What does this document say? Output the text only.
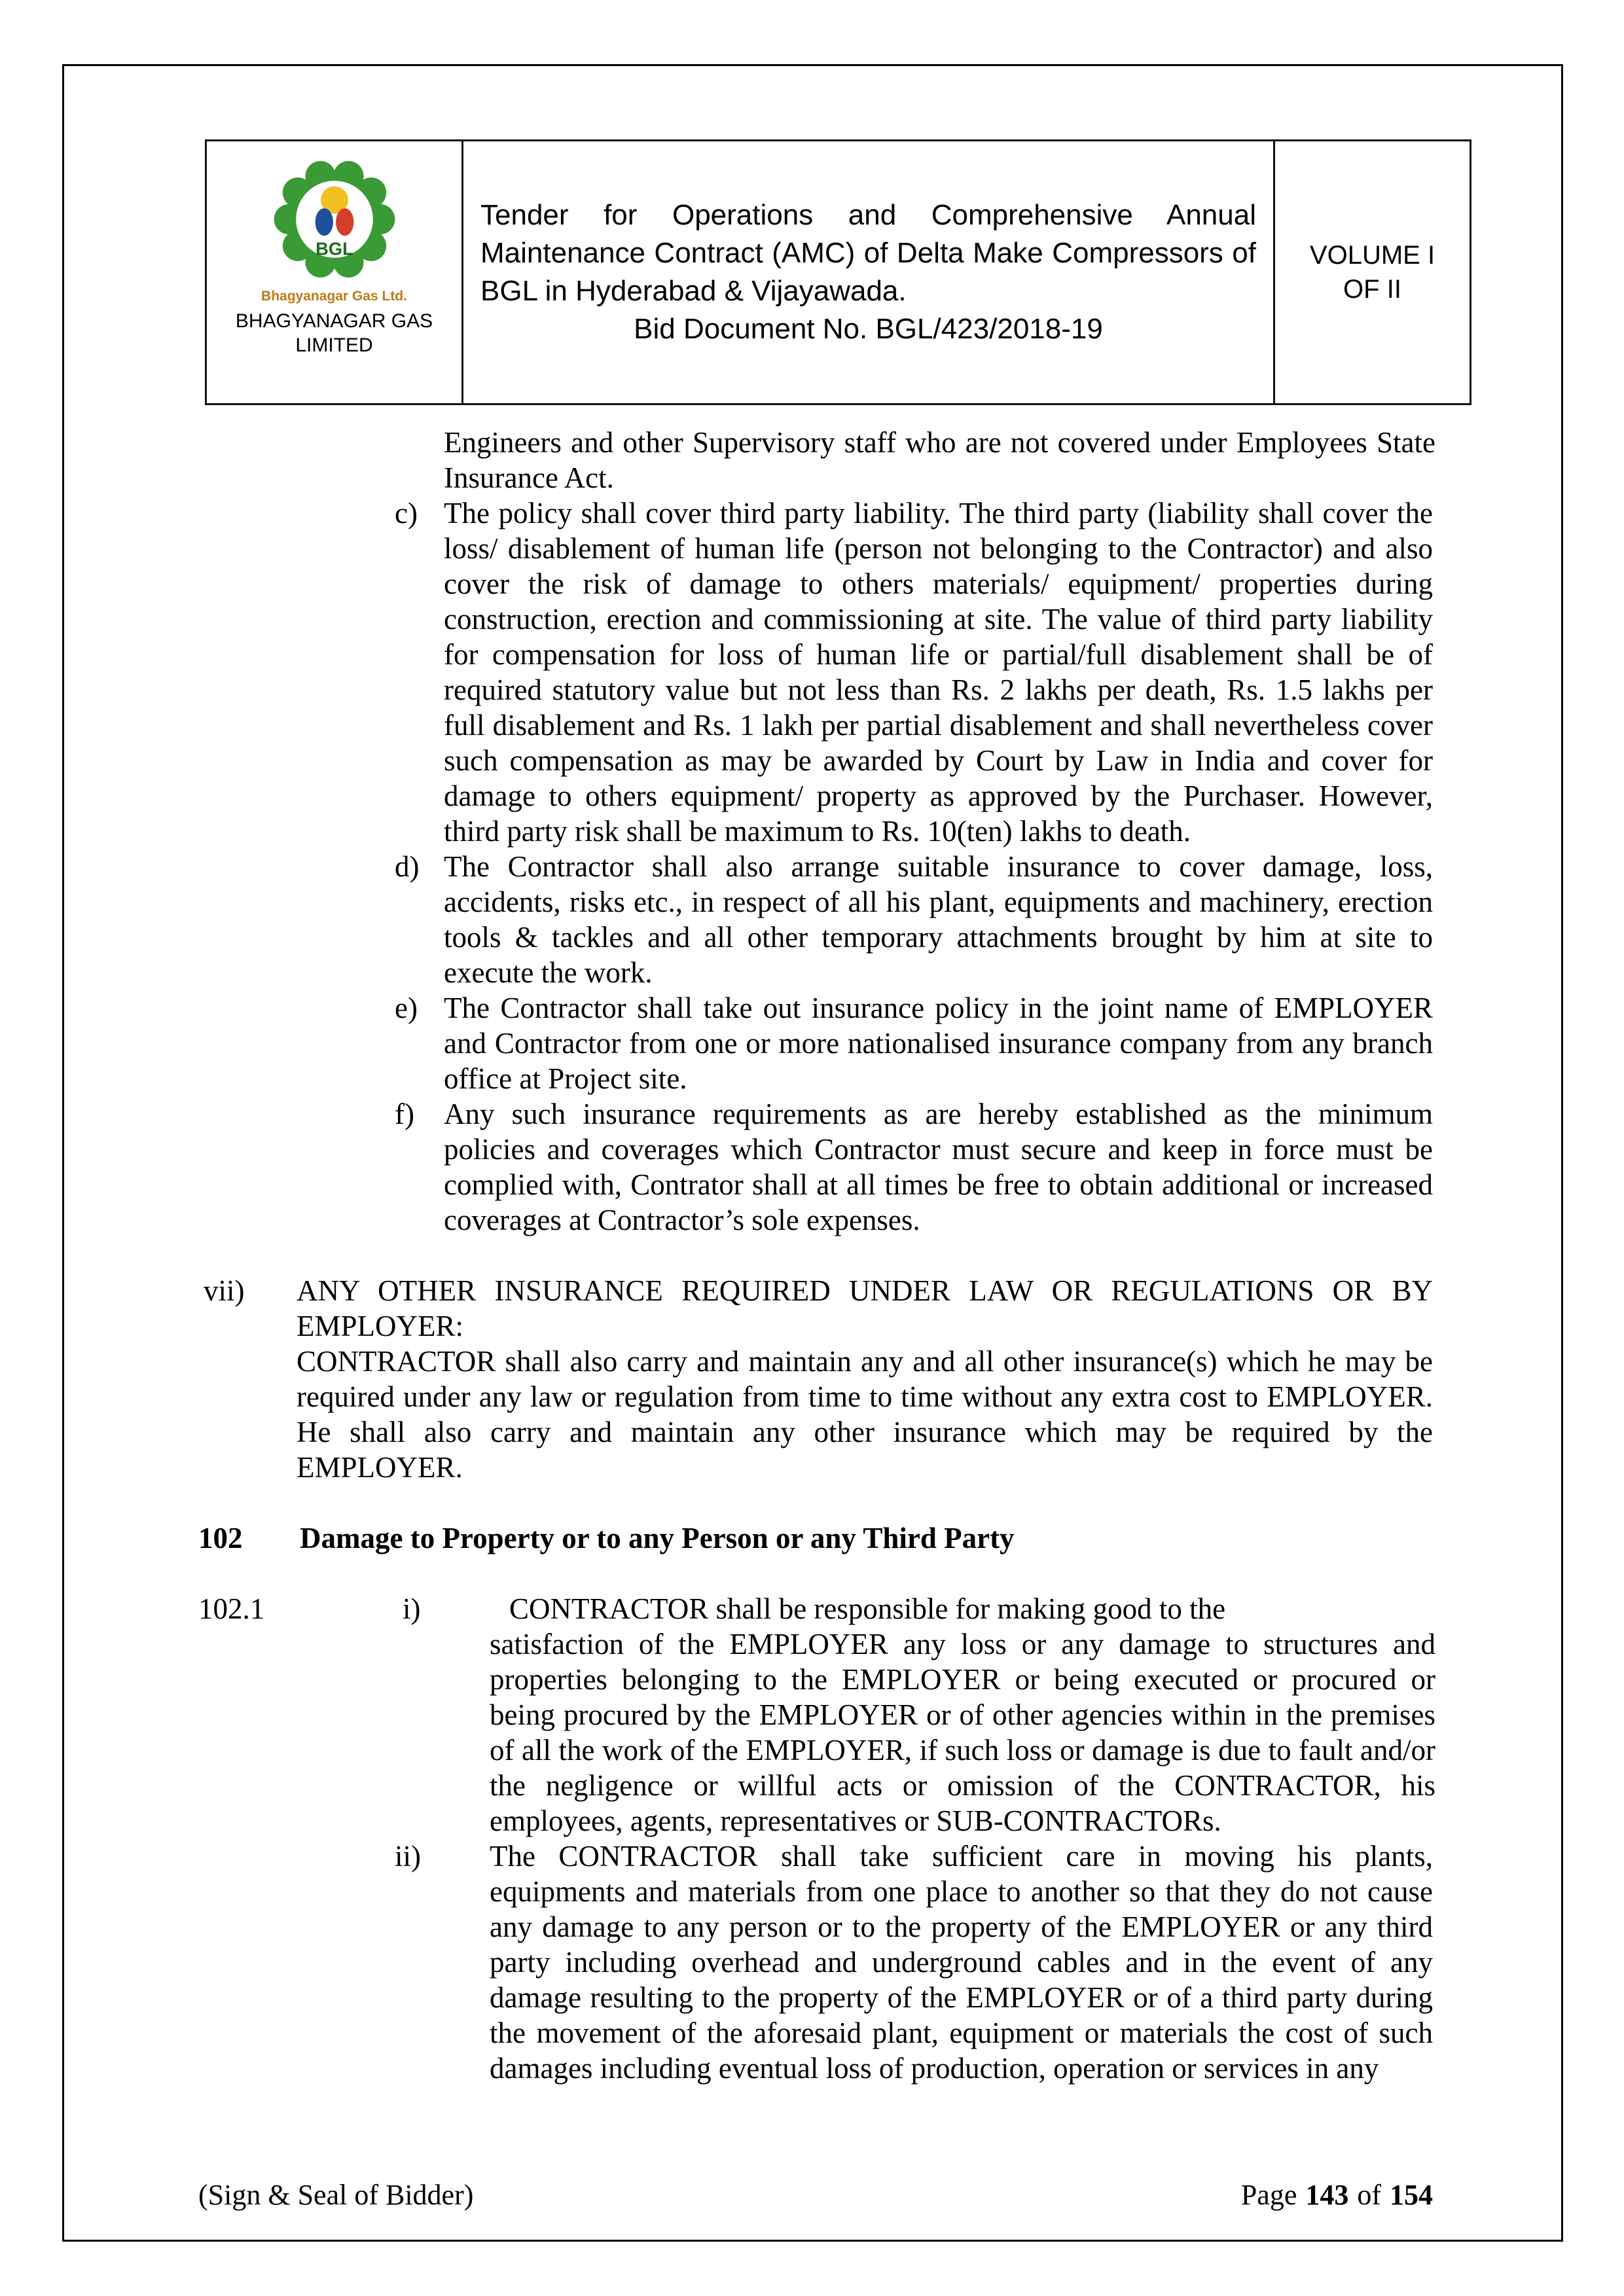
BGL
Bhagyanagar Gas Ltd.
BHAGYANAGAR GAS LIMITED
Tender for Operations and Comprehensive Annual Maintenance Contract (AMC) of Delta Make Compressors of BGL in Hyderabad & Vijayawada.
Bid Document No. BGL/423/2018-19
VOLUME I
OF II

Engineers and other Supervisory staff who are not covered under Employees State Insurance Act.

c) The policy shall cover third party liability. The third party (liability shall cover the loss/ disablement of human life (person not belonging to the Contractor) and also cover the risk of damage to others materials/ equipment/ properties during construction, erection and commissioning at site. The value of third party liability for compensation for loss of human life or partial/full disablement shall be of required statutory value but not less than Rs. 2 lakhs per death, Rs. 1.5 lakhs per full disablement and Rs. 1 lakh per partial disablement and shall nevertheless cover such compensation as may be awarded by Court by Law in India and cover for damage to others equipment/ property as approved by the Purchaser. However, third party risk shall be maximum to Rs. 10(ten) lakhs to death.
d) The Contractor shall also arrange suitable insurance to cover damage, loss, accidents, risks etc., in respect of all his plant, equipments and machinery, erection tools & tackles and all other temporary attachments brought by him at site to execute the work.
e) The Contractor shall take out insurance policy in the joint name of EMPLOYER and Contractor from one or more nationalised insurance company from any branch office at Project site.
f)	Any such insurance requirements as are hereby established as the minimum policies and coverages which Contractor must secure and keep in force must be complied with, Contrator shall at all times be free to obtain additional or increased coverages at Contractor’s sole expenses.
vii)	ANY OTHER INSURANCE REQUIRED UNDER LAW OR REGULATIONS OR BY EMPLOYER:
CONTRACTOR shall also carry and maintain any and all other insurance(s) which he may be required under any law or regulation from time to time without any extra cost to EMPLOYER. He shall also carry and maintain any other insurance which may be required by the EMPLOYER.
102	Damage to Property or to any Person or any Third Party
102.1	i)	CONTRACTOR shall be responsible for making good to the
satisfaction of the EMPLOYER any loss or any damage to structures and properties belonging to the EMPLOYER or being executed or procured or being procured by the EMPLOYER or of other agencies within in the premises of all the work of the EMPLOYER, if such loss or damage is due to fault and/or the negligence or willful acts or omission of the CONTRACTOR, his employees, agents, representatives or SUB-CONTRACTORs.
ii)	The CONTRACTOR shall take sufficient care in moving his plants, equipments and materials from one place to another so that they do not cause any damage to any person or to the property of the EMPLOYER or any third party including overhead and underground cables and in the event of any damage resulting to the property of the EMPLOYER or of a third party during the movement of the aforesaid plant, equipment or materials the cost of such damages including eventual loss of production, operation or services in any
(Sign & Seal of Bidder)	Page 143 of 154
